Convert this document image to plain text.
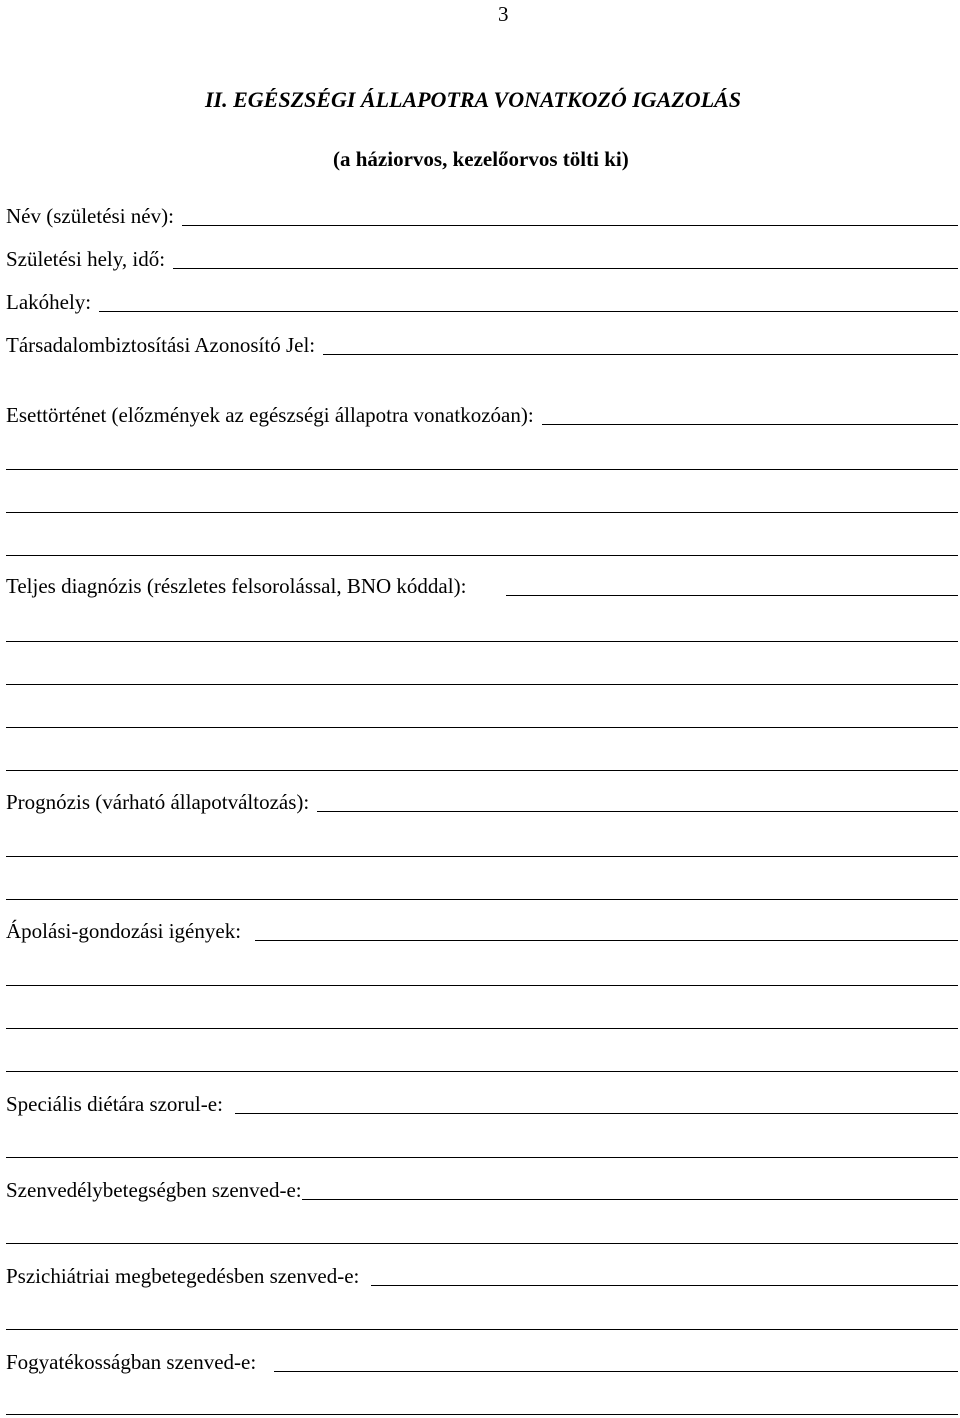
3
II. EGÉSZSÉGI ÁLLAPOTRA VONATKOZÓ IGAZOLÁS
(a háziorvos, kezelőorvos tölti ki)
Név (születési név):
Születési hely, idő:
Lakóhely:
Társadalombiztosítási Azonosító Jel:
Esettörténet (előzmények az egészségi állapotra vonatkozóan):
Teljes diagnózis (részletes felsorolással, BNO kóddal):
Prognózis (várható állapotváltozás):
Ápolási-gondozási igények:
Speciális diétára szorul-e:
Szenvedélybetegségben szenved-e:
Pszichiátriai megbetegedésben szenved-e:
Fogyatékosságban szenved-e:
